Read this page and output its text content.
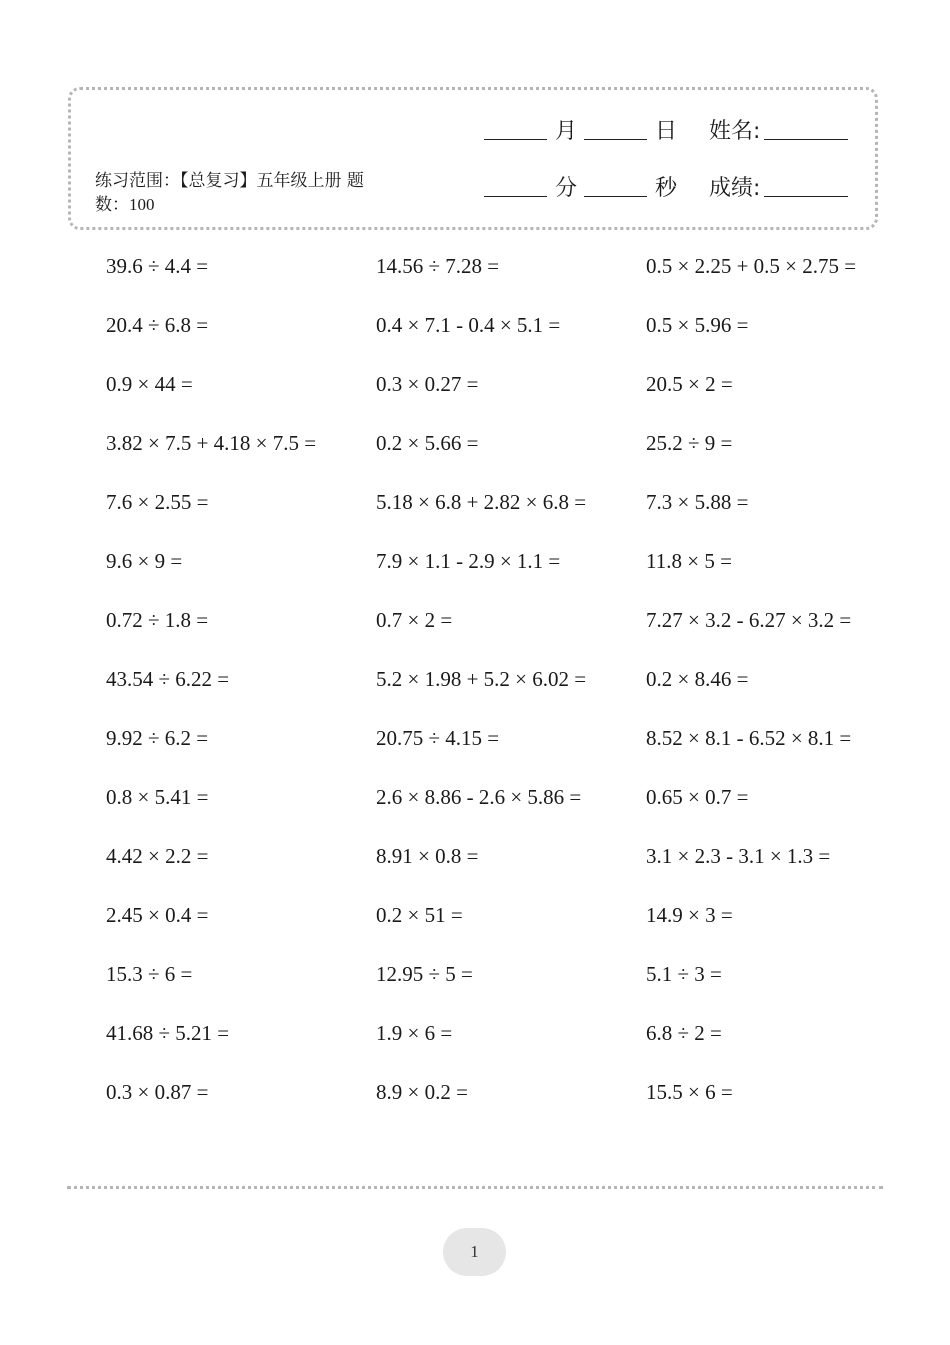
练习范围：【总复习】五年级上册 题数：100
月	日 姓名:
分	秒 成绩:
39.6 ÷ 4.4 =	14.56 ÷ 7.28 =	0.5 × 2.25 + 0.5 × 2.75 =
20.4 ÷ 6.8 =	0.4 × 7.1 - 0.4 × 5.1 =	0.5 × 5.96 =
0.9 × 44 =	0.3 × 0.27 =	20.5 × 2 =
3.82 × 7.5 + 4.18 × 7.5 =	0.2 × 5.66 =	25.2 ÷ 9 =
7.6 × 2.55 =	5.18 × 6.8 + 2.82 × 6.8 =	7.3 × 5.88 =
9.6 × 9 =	7.9 × 1.1 - 2.9 × 1.1 =	11.8 × 5 =
0.72 ÷ 1.8 =	0.7 × 2 =	7.27 × 3.2 - 6.27 × 3.2 =
43.54 ÷ 6.22 =	5.2 × 1.98 + 5.2 × 6.02 =	0.2 × 8.46 =
9.92 ÷ 6.2 =	20.75 ÷ 4.15 =	8.52 × 8.1 - 6.52 × 8.1 =
0.8 × 5.41 =	2.6 × 8.86 - 2.6 × 5.86 =	0.65 × 0.7 =
4.42 × 2.2 =	8.91 × 0.8 =	3.1 × 2.3 - 3.1 × 1.3 =
2.45 × 0.4 =	0.2 × 51 =	14.9 × 3 =
15.3 ÷ 6 =	12.95 ÷ 5 =	5.1 ÷ 3 =
41.68 ÷ 5.21 =	1.9 × 6 =	6.8 ÷ 2 =
0.3 × 0.87 =	8.9 × 0.2 =	15.5 × 6 =
1
